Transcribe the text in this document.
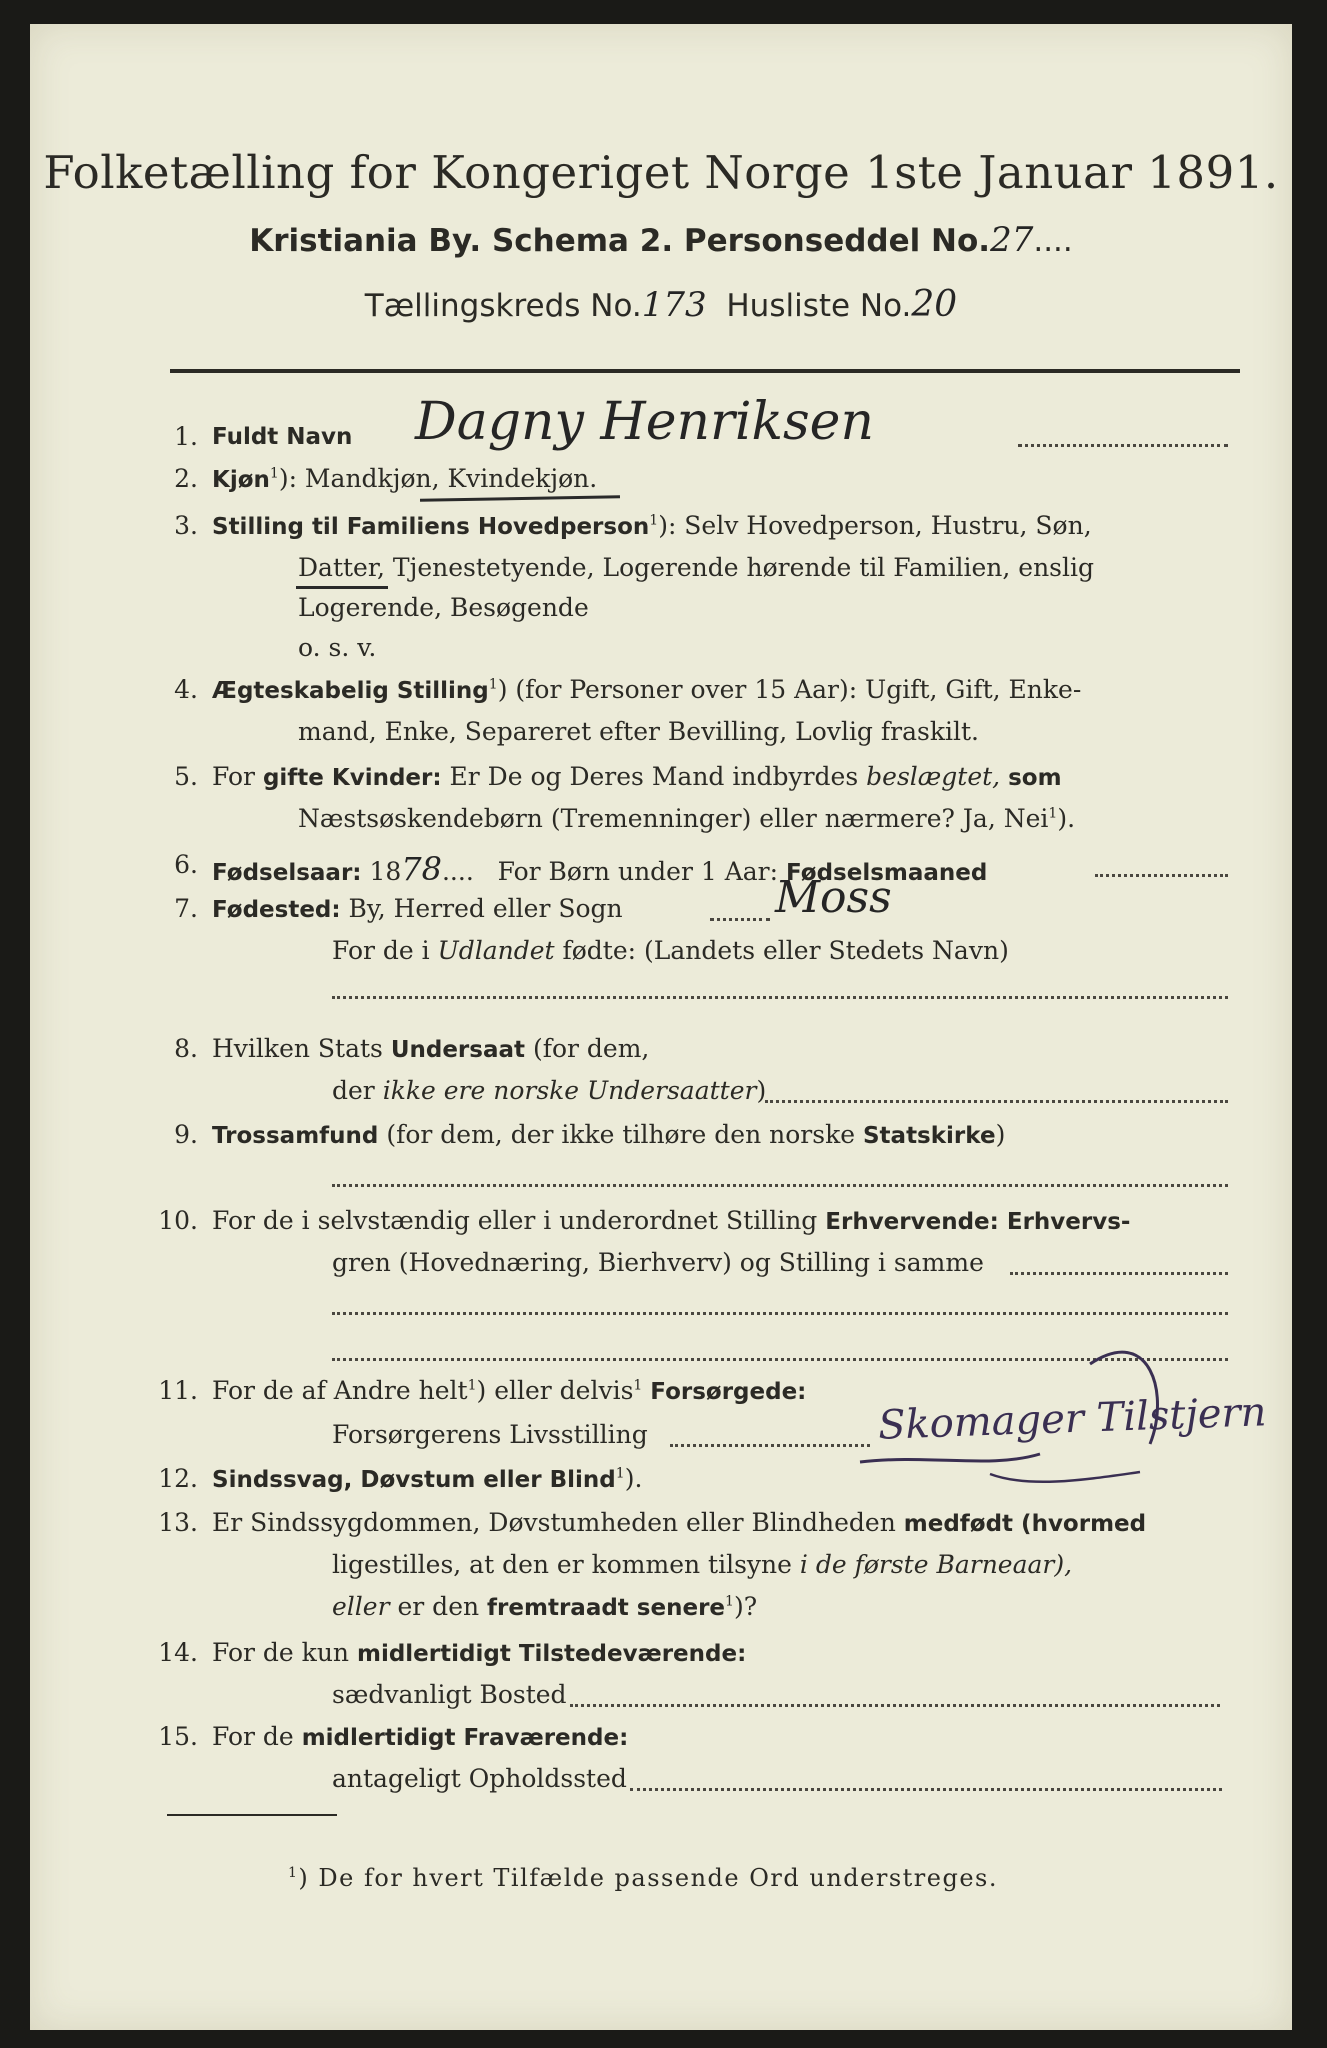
Folketælling for Kongeriget Norge 1ste Januar 1891.
Kristiania By. Schema 2. Personseddel No.27....
Tællingskreds No.173 Husliste No.20
1. Fuldt Navn Dagny Henriksen
2. Kjøn$^1$): Mandkjøn, Kvindekjøn.
3. Stilling til Familiens Hovedperson$^1$): Selv Hovedperson, Hustru, Søn,
Datter, Tjenestetyende, Logerende hørende til Familien, enslig
Logerende, Besøgende
o. s. v.
4. Ægteskabelig Stilling$^1$) (for Personer over 15 Aar): Ugift, Gift, Enke-
mand, Enke, Separeret efter Bevilling, Lovlig fraskilt.
5. For gifte Kvinder: Er De og Deres Mand indbyrdes beslægtet, som
Næstsøskendebørn (Tremenninger) eller nærmere? Ja, Nei$^1$).
6. Fødselsaar: 1878.... For Børn under 1 Aar: Fødselsmaaned
7. Fødested: By, Herred eller Sogn	Moss
For de i Udlandet fødte: (Landets eller Stedets Navn)
8. Hvilken Stats Undersaat (for dem,
der ikke ere norske Undersaatter)
9. Trossamfund (for dem, der ikke tilhøre den norske Statskirke)
10. For de i selvstændig eller i underordnet Stilling Erhvervende: Erhvervs-
gren (Hovednæring, Bierhverv) og Stilling i samme
11. For de af Andre helt$^1$) eller delvis$^1$ Forsørgede:
Forsørgerens Livsstilling	Skomager Tilstjern
12. Sindssvag, Døvstum eller Blind$^1$).
13. Er Sindssygdommen, Døvstumheden eller Blindheden medfødt (hvormed
ligestilles, at den er kommen tilsyne i de første Barneaar),
eller er den fremtraadt senere$^1$)?
14. For de kun midlertidigt Tilstedeværende:
sædvanligt Bosted
15. For de midlertidigt Fraværende:
antageligt Opholdssted
$^1$) De for hvert Tilfælde passende Ord understreges.
